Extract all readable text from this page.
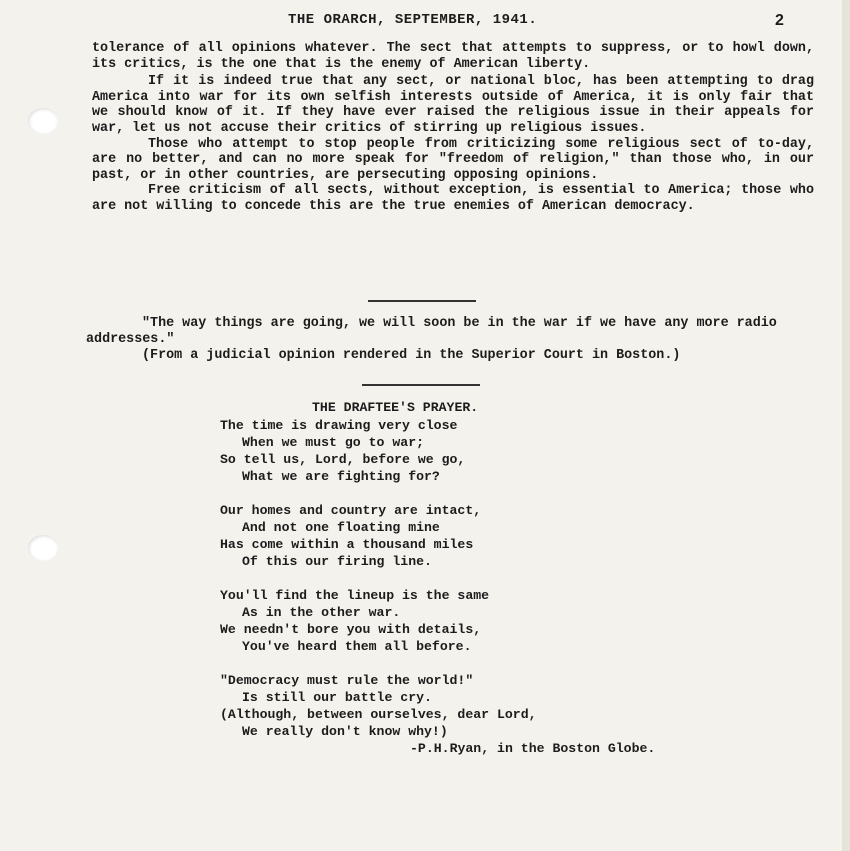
THE ORARCH, SEPTEMBER, 1941.	2

tolerance of all opinions whatever. The sect that attempts to suppress, or to howl down, its critics, is the one that is the enemy of American liberty.

If it is indeed true that any sect, or national bloc, has been attempting to drag America into war for its own selfish interests outside of America, it is only fair that we should know of it. If they have ever raised the religious issue in their appeals for war, let us not accuse their critics of stirring up religious issues.

Those who attempt to stop people from criticizing some religious sect of to-day, are no better, and can no more speak for "freedom of religion," than those who, in our past, or in other countries, are persecuting opposing opinions.

Free criticism of all sects, without exception, is essential to America; those who are not willing to concede this are the true enemies of American democracy.

"The way things are going, we will soon be in the war if we have any more radio addresses."
(From a judicial opinion rendered in the Superior Court in Boston.)
THE DRAFTEE'S PRAYER.
The time is drawing very close
When we must go to war;
So tell us, Lord, before we go,
What we are fighting for?
Our homes and country are intact,
And not one floating mine
Has come within a thousand miles
Of this our firing line.
You'll find the lineup is the same
As in the other war.
We needn't bore you with details,
You've heard them all before.
"Democracy must rule the world!"
Is still our battle cry.
(Although, between ourselves, dear Lord,
We really don't know why!)
-P.H.Ryan, in the Boston Globe.
